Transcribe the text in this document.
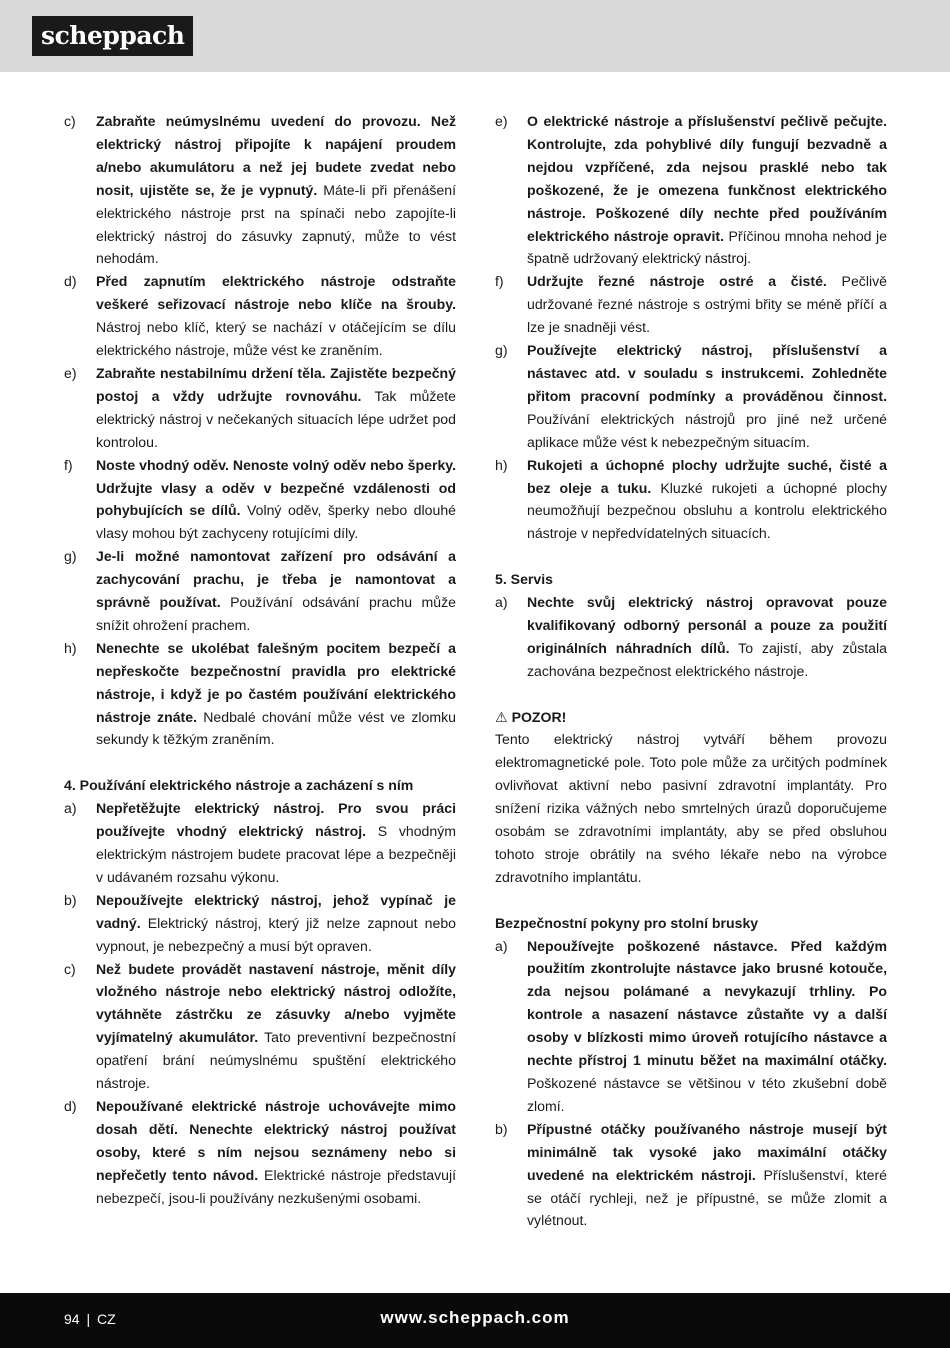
scheppach
c)	Zabraňte neúmyslnému uvedení do provozu. Než elektrický nástroj připojíte k napájení proudem a/nebo akumulátoru a než jej budete zvedat nebo nosit, ujistěte se, že je vypnutý. Máte-li při přenášení elektrického nástroje prst na spínači nebo zapojíte-li elektrický nástroj do zásuvky zapnutý, může to vést nehodám.
d)	Před zapnutím elektrického nástroje odstraňte veškeré seřizovací nástroje nebo klíče na šrouby. Nástroj nebo klíč, který se nachází v otáčejícím se dílu elektrického nástroje, může vést ke zraněním.
e)	Zabraňte nestabilnímu držení těla. Zajistěte bezpečný postoj a vždy udržujte rovnováhu. Tak můžete elektrický nástroj v nečekaných situacích lépe udržet pod kontrolou.
f)	Noste vhodný oděv. Nenoste volný oděv nebo šperky. Udržujte vlasy a oděv v bezpečné vzdálenosti od pohybujících se dílů. Volný oděv, šperky nebo dlouhé vlasy mohou být zachyceny rotujícími díly.
g)	Je-li možné namontovat zařízení pro odsávání a zachycování prachu, je třeba je namontovat a správně používat. Používání odsávání prachu může snížit ohrožení prachem.
h)	Nenechte se ukolébat falešným pocitem bezpečí a nepřeskočte bezpečnostní pravidla pro elektrické nástroje, i když je po častém používání elektrického nástroje znáte. Nedbalé chování může vést ve zlomku sekundy k těžkým zraněním.
4. Používání elektrického nástroje a zacházení s ním
a)	Nepřetěžujte elektrický nástroj. Pro svou práci používejte vhodný elektrický nástroj. S vhodným elektrickým nástrojem budete pracovat lépe a bezpečněji v udávaném rozsahu výkonu.
b)	Nepoužívejte elektrický nástroj, jehož vypínač je vadný. Elektrický nástroj, který již nelze zapnout nebo vypnout, je nebezpečný a musí být opraven.
c)	Než budete provádět nastavení nástroje, měnit díly vložného nástroje nebo elektrický nástroj odložíte, vytáhněte zástrčku ze zásuvky a/nebo vyjměte vyjímatelný akumulátor. Tato preventivní bezpečnostní opatření brání neúmyslnému spuštění elektrického nástroje.
d)	Nepoužívané elektrické nástroje uchovávejte mimo dosah dětí. Nenechte elektrický nástroj používat osoby, které s ním nejsou seznámeny nebo si nepřečetly tento návod. Elektrické nástroje představují nebezpečí, jsou-li používány nezkušenými osobami.
e)	O elektrické nástroje a příslušenství pečlivě pečujte. Kontrolujte, zda pohyblivé díly fungují bezvadně a nejdou vzpříčené, zda nejsou prasklé nebo tak poškozené, že je omezena funkčnost elektrického nástroje. Poškozené díly nechte před používáním elektrického nástroje opravit. Příčinou mnoha nehod je špatně udržovaný elektrický nástroj.
f)	Udržujte řezné nástroje ostré a čisté. Pečlivě udržované řezné nástroje s ostrými břity se méně příčí a lze je snadněji vést.
g)	Používejte elektrický nástroj, příslušenství a nástavec atd. v souladu s instrukcemi. Zohledněte přitom pracovní podmínky a prováděnou činnost. Používání elektrických nástrojů pro jiné než určené aplikace může vést k nebezpečným situacím.
h)	Rukojeti a úchopné plochy udržujte suché, čisté a bez oleje a tuku. Kluzké rukojeti a úchopné plochy neumožňují bezpečnou obsluhu a kontrolu elektrického nástroje v nepředvídatelných situacích.
5. Servis
a)	Nechte svůj elektrický nástroj opravovat pouze kvalifikovaný odborný personál a pouze za použití originálních náhradních dílů. To zajistí, aby zůstala zachována bezpečnost elektrického nástroje.
⚠ POZOR!
Tento elektrický nástroj vytváří během provozu elektromagnetické pole. Toto pole může za určitých podmínek ovlivňovat aktivní nebo pasivní zdravotní implantáty. Pro snížení rizika vážných nebo smrtelných úrazů doporučujeme osobám se zdravotními implantáty, aby se před obsluhou tohoto stroje obrátily na svého lékaře nebo na výrobce zdravotního implantátu.
Bezpečnostní pokyny pro stolní brusky
a)	Nepoužívejte poškozené nástavce. Před každým použitím zkontrolujte nástavce jako brusné kotouče, zda nejsou polámané a nevykazují trhliny. Po kontrole a nasazení nástavce zůstaňte vy a další osoby v blízkosti mimo úroveň rotujícího nástavce a nechte přístroj 1 minutu běžet na maximální otáčky. Poškozené nástavce se většinou v této zkušební době zlomí.
b)	Přípustné otáčky používaného nástroje musejí být minimálně tak vysoké jako maximální otáčky uvedené na elektrickém nástroji. Příslušenství, které se otáčí rychleji, než je přípustné, se může zlomit a vylétnout.
94 | CZ	www.scheppach.com
